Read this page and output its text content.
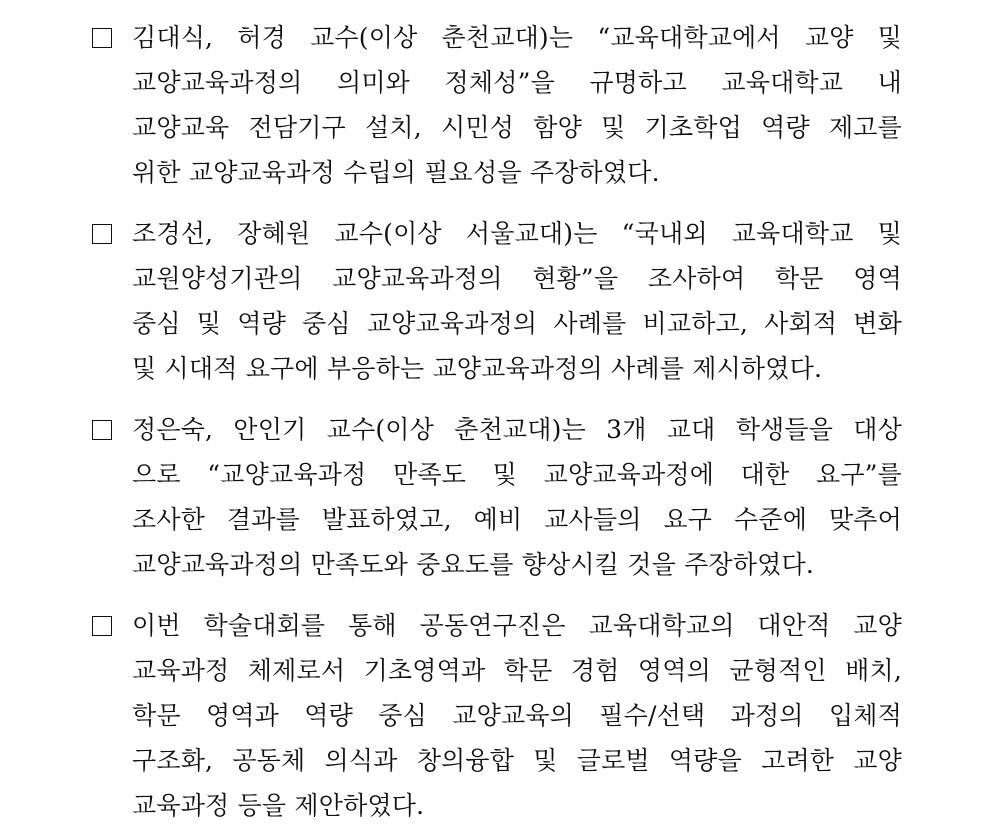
김대식, 허경 교수(이상 춘천교대)는 “교육대학교에서 교양 및
교양교육과정의 의미와 정체성”을 규명하고 교육대학교 내
교양교육 전담기구 설치, 시민성 함양 및 기초학업 역량 제고를
위한 교양교육과정 수립의 필요성을 주장하였다.
조경선, 장혜원 교수(이상 서울교대)는 “국내외 교육대학교 및
교원양성기관의 교양교육과정의 현황”을 조사하여 학문 영역
중심 및 역량 중심 교양교육과정의 사례를 비교하고, 사회적 변화
및 시대적 요구에 부응하는 교양교육과정의 사례를 제시하였다.
정은숙, 안인기 교수(이상 춘천교대)는 3개 교대 학생들을 대상
으로 “교양교육과정 만족도 및 교양교육과정에 대한 요구”를
조사한 결과를 발표하였고, 예비 교사들의 요구 수준에 맞추어
교양교육과정의 만족도와 중요도를 향상시킬 것을 주장하였다.
이번 학술대회를 통해 공동연구진은 교육대학교의 대안적 교양
교육과정 체제로서 기초영역과 학문 경험 영역의 균형적인 배치,
학문 영역과 역량 중심 교양교육의 필수/선택 과정의 입체적
구조화, 공동체 의식과 창의융합 및 글로벌 역량을 고려한 교양
교육과정 등을 제안하였다.
